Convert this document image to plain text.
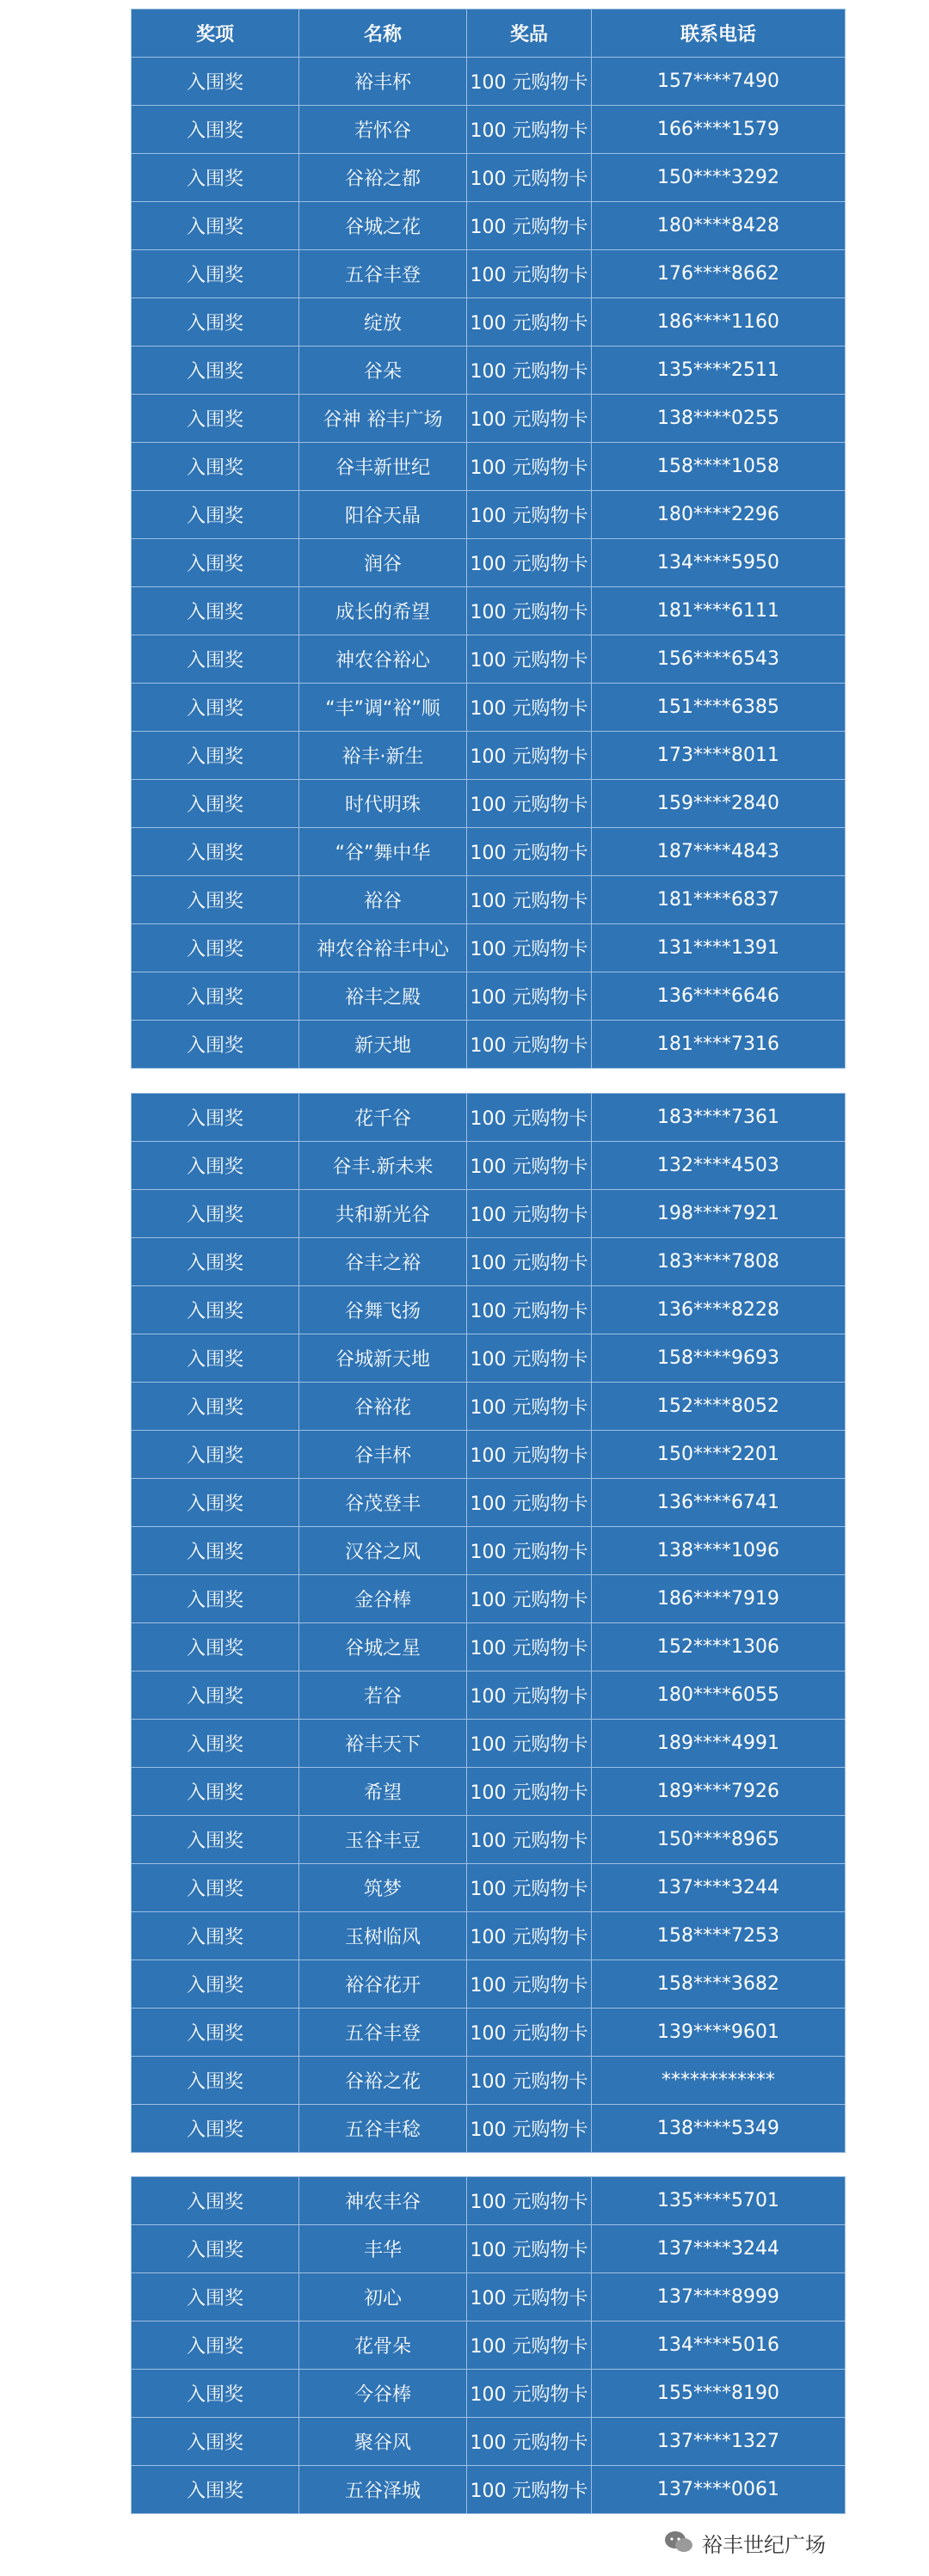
奖项	名称	奖品	联系电话
入围奖	裕丰杯	100 元购物卡	157****7490
入围奖	若怀谷	100 元购物卡	166****1579
入围奖	谷裕之都	100 元购物卡	150****3292
入围奖	谷城之花	100 元购物卡	180****8428
入围奖	五谷丰登	100 元购物卡	176****8662
入围奖	绽放	100 元购物卡	186****1160
入围奖	谷朵	100 元购物卡	135****2511
入围奖	谷神 裕丰广场	100 元购物卡	138****0255
入围奖	谷丰新世纪	100 元购物卡	158****1058
入围奖	阳谷天晶	100 元购物卡	180****2296
入围奖	润谷	100 元购物卡	134****5950
入围奖	成长的希望	100 元购物卡	181****6111
入围奖	神农谷裕心	100 元购物卡	156****6543
入围奖	“丰”调“裕”顺	100 元购物卡	151****6385
入围奖	裕丰·新生	100 元购物卡	173****8011
入围奖	时代明珠	100 元购物卡	159****2840
入围奖	“谷”舞中华	100 元购物卡	187****4843
入围奖	裕谷	100 元购物卡	181****6837
入围奖	神农谷裕丰中心	100 元购物卡	131****1391
入围奖	裕丰之殿	100 元购物卡	136****6646
入围奖	新天地	100 元购物卡	181****7316
入围奖	花千谷	100 元购物卡	183****7361
入围奖	谷丰.新未来	100 元购物卡	132****4503
入围奖	共和新光谷	100 元购物卡	198****7921
入围奖	谷丰之裕	100 元购物卡	183****7808
入围奖	谷舞飞扬	100 元购物卡	136****8228
入围奖	谷城新天地	100 元购物卡	158****9693
入围奖	谷裕花	100 元购物卡	152****8052
入围奖	谷丰杯	100 元购物卡	150****2201
入围奖	谷茂登丰	100 元购物卡	136****6741
入围奖	汉谷之风	100 元购物卡	138****1096
入围奖	金谷棒	100 元购物卡	186****7919
入围奖	谷城之星	100 元购物卡	152****1306
入围奖	若谷	100 元购物卡	180****6055
入围奖	裕丰天下	100 元购物卡	189****4991
入围奖	希望	100 元购物卡	189****7926
入围奖	玉谷丰豆	100 元购物卡	150****8965
入围奖	筑梦	100 元购物卡	137****3244
入围奖	玉树临风	100 元购物卡	158****7253
入围奖	裕谷花开	100 元购物卡	158****3682
入围奖	五谷丰登	100 元购物卡	139****9601
入围奖	谷裕之花	100 元购物卡	************
入围奖	五谷丰稔	100 元购物卡	138****5349
入围奖	神农丰谷	100 元购物卡	135****5701
入围奖	丰华	100 元购物卡	137****3244
入围奖	初心	100 元购物卡	137****8999
入围奖	花骨朵	100 元购物卡	134****5016
入围奖	今谷棒	100 元购物卡	155****8190
入围奖	聚谷风	100 元购物卡	137****1327
入围奖	五谷泽城	100 元购物卡	137****0061
裕丰世纪广场
